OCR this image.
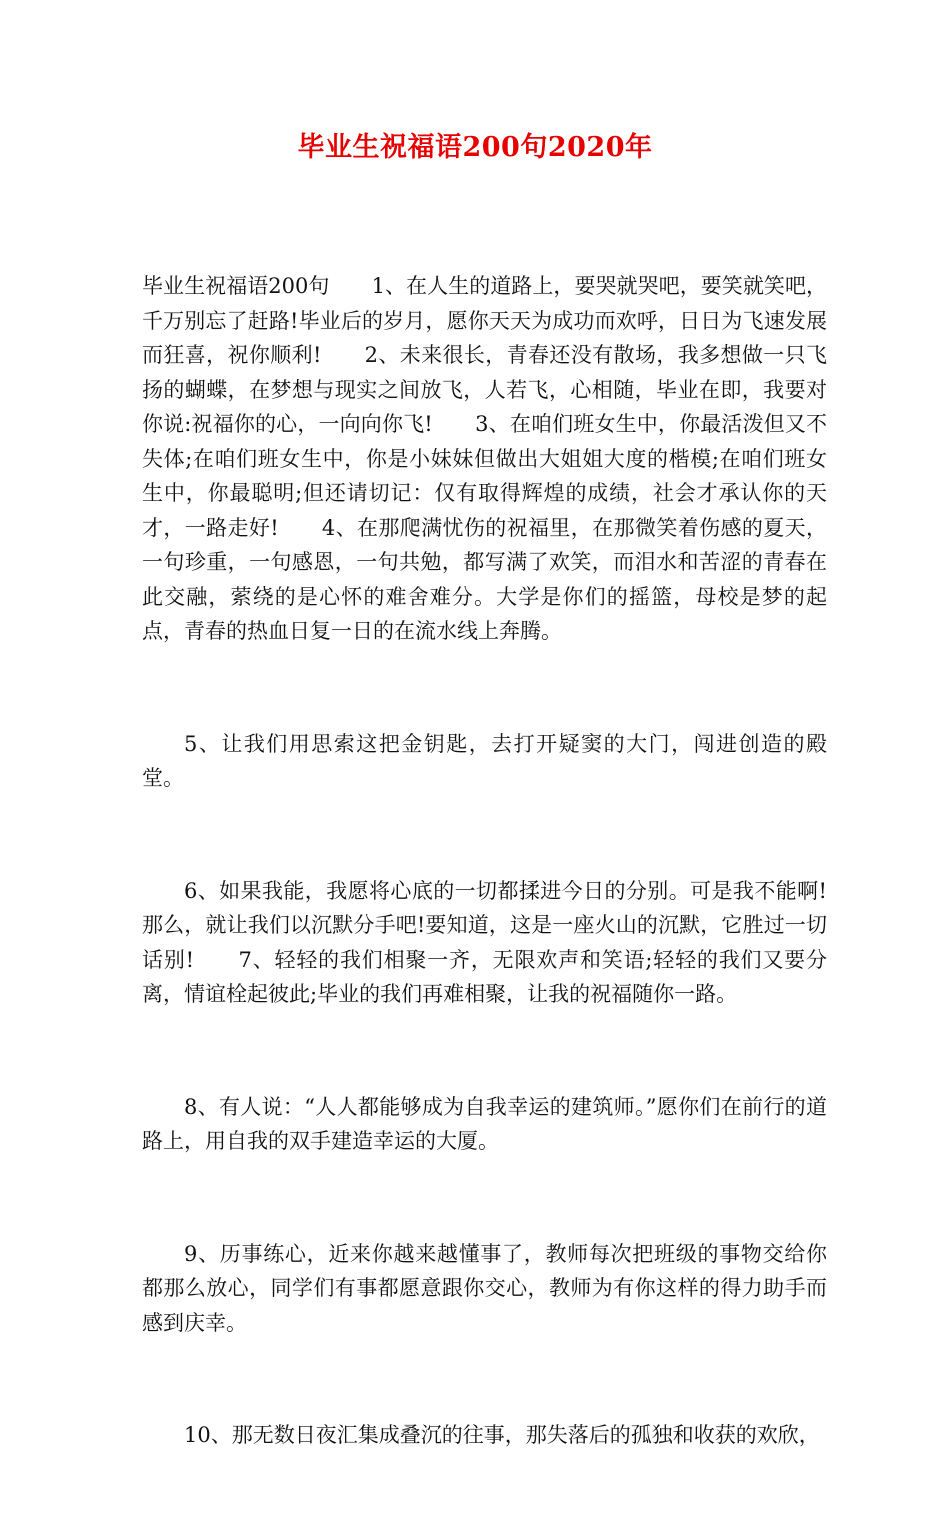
毕业生祝福语200句2020年

毕业生祝福语200句　　1、在人生的道路上，要哭就哭吧，要笑就笑吧，千万别忘了赶路!毕业后的岁月，愿你天天为成功而欢呼，日日为飞速发展而狂喜，祝你顺利!　　2、未来很长，青春还没有散场，我多想做一只飞扬的蝴蝶，在梦想与现实之间放飞，人若飞，心相随，毕业在即，我要对你说:祝福你的心，一向向你飞!　　3、在咱们班女生中，你最活泼但又不失体;在咱们班女生中，你是小妹妹但做出大姐姐大度的楷模;在咱们班女生中，你最聪明;但还请切记：仅有取得辉煌的成绩，社会才承认你的天才，一路走好!　　4、在那爬满忧伤的祝福里，在那微笑着伤感的夏天，一句珍重，一句感恩，一句共勉，都写满了欢笑，而泪水和苦涩的青春在此交融，萦绕的是心怀的难舍难分。大学是你们的摇篮，母校是梦的起点，青春的热血日复一日的在流水线上奔腾。

5、让我们用思索这把金钥匙，去打开疑窦的大门，闯进创造的殿堂。

6、如果我能，我愿将心底的一切都揉进今日的分别。可是我不能啊!那么，就让我们以沉默分手吧!要知道，这是一座火山的沉默，它胜过一切话别!　　7、轻轻的我们相聚一齐，无限欢声和笑语;轻轻的我们又要分离，情谊栓起彼此;毕业的我们再难相聚，让我的祝福随你一路。

8、有人说：“人人都能够成为自我幸运的建筑师。”愿你们在前行的道路上，用自我的双手建造幸运的大厦。

9、历事练心，近来你越来越懂事了，教师每次把班级的事物交给你都那么放心，同学们有事都愿意跟你交心，教师为有你这样的得力助手而感到庆幸。

10、那无数日夜汇集成叠沉的往事，那失落后的孤独和收获的欢欣，
